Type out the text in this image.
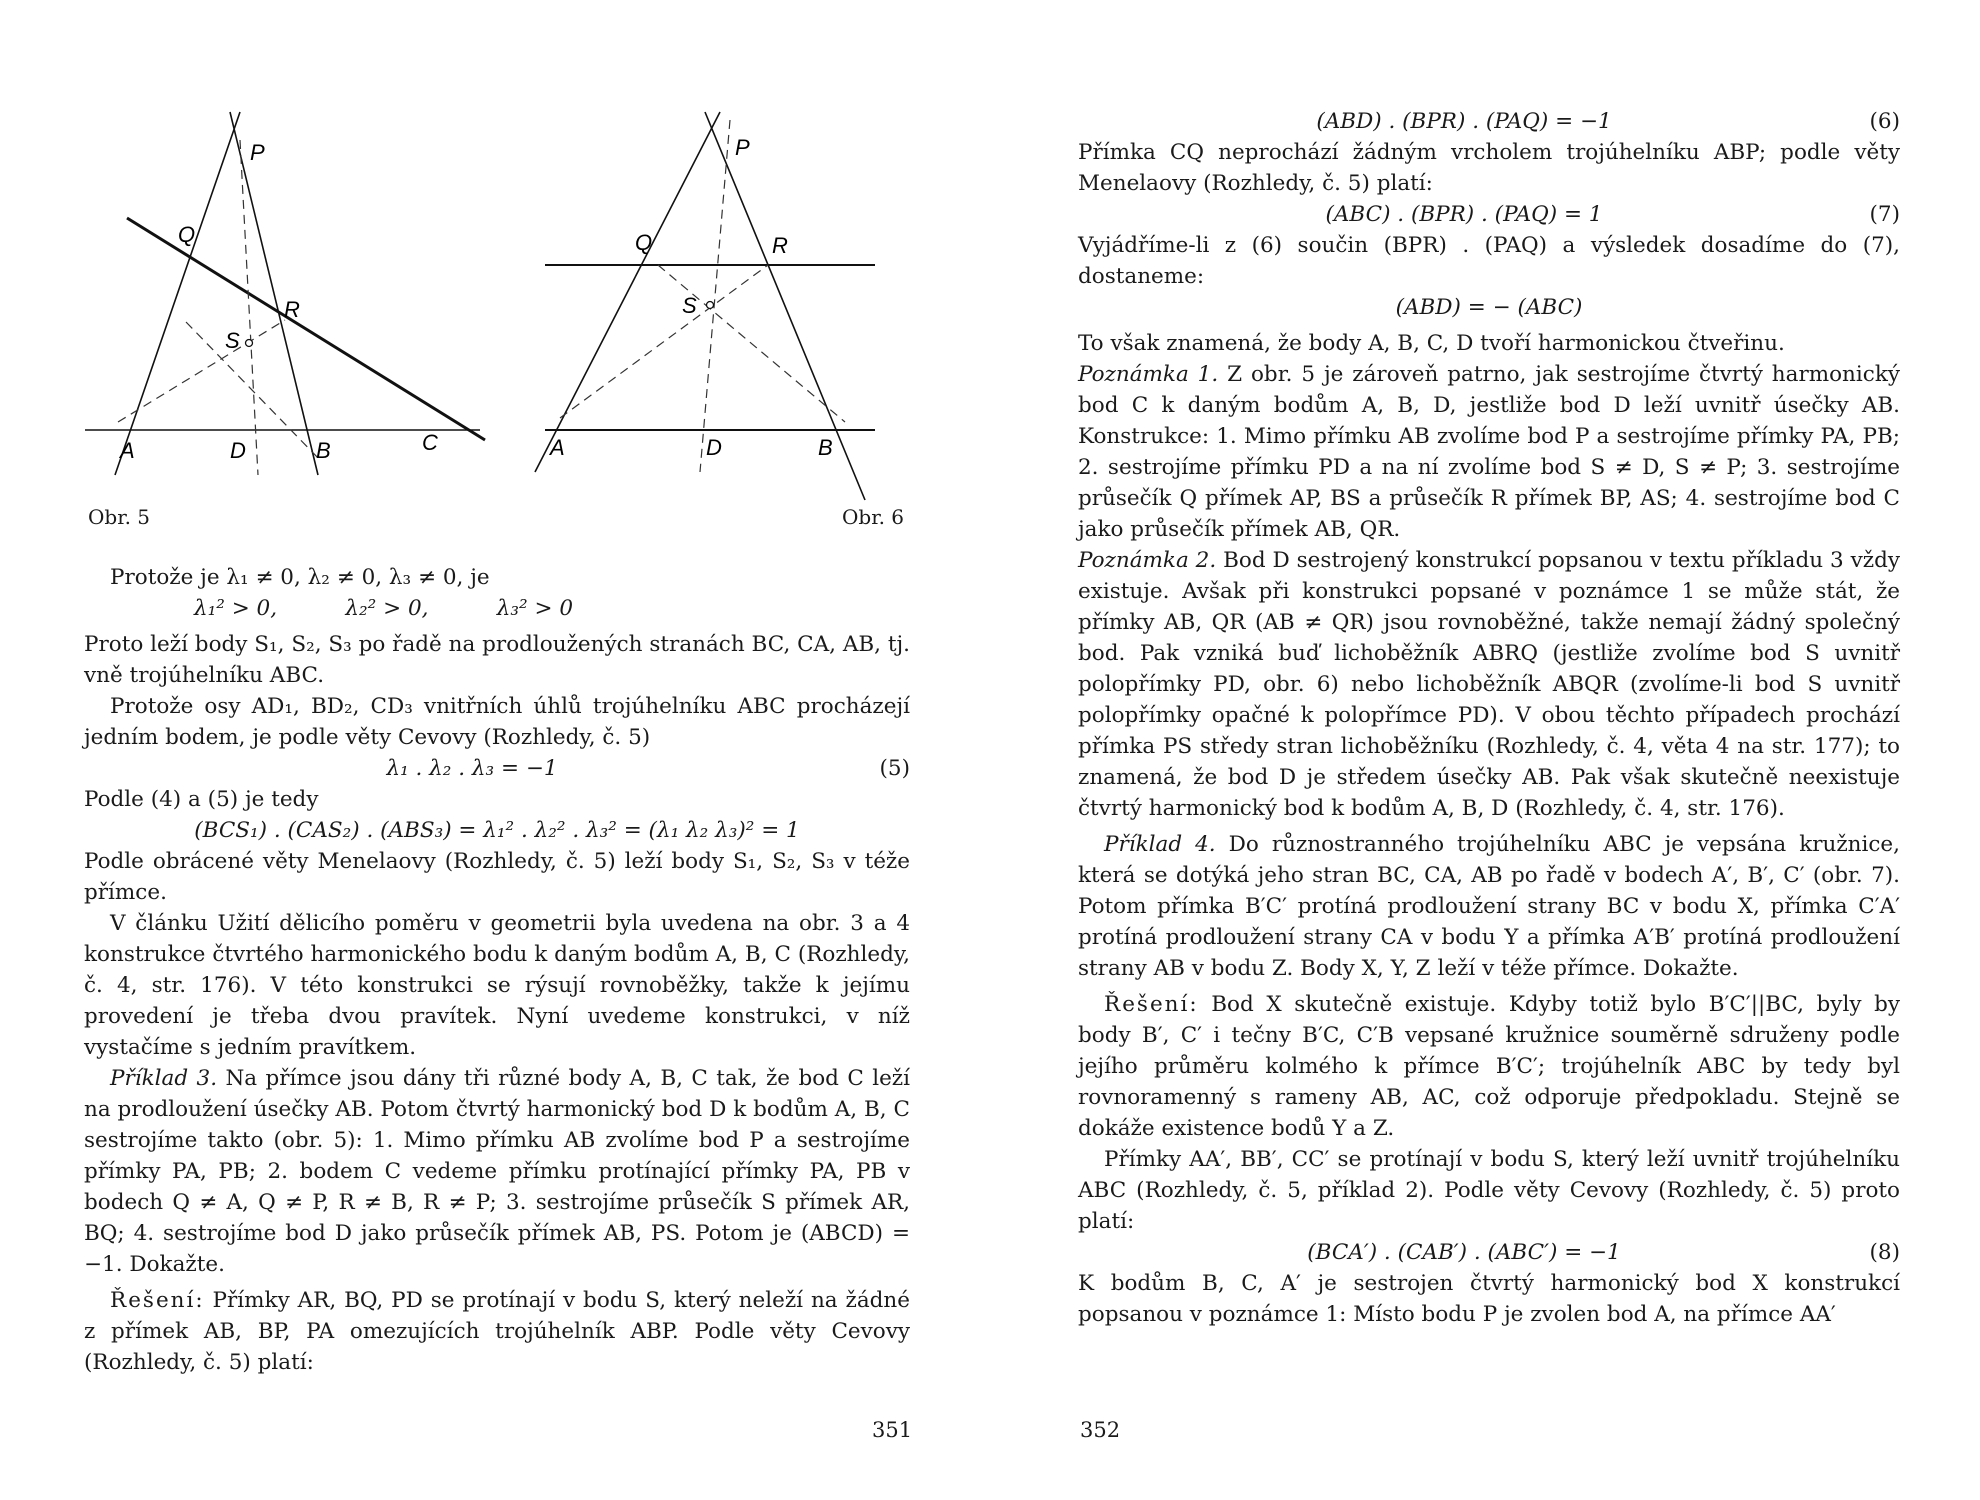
P
Q
R
S
A	D	B	C
Obr. 5
P
Q	R
S
A	D	B
Obr. 6

Protože je λ₁ ≠ 0, λ₂ ≠ 0, λ₃ ≠ 0, je

λ₁² > 0,          λ₂² > 0,          λ₃² > 0

Proto leží body S₁, S₂, S₃ po řadě na prodloužených stranách BC, CA, AB, tj. vně trojúhelníku ABC.

Protože osy AD₁, BD₂, CD₃ vnitřních úhlů trojúhelníku ABC procházejí jedním bodem, je podle věty Cevovy (Rozhledy, č. 5)

λ₁ . λ₂ . λ₃ = −1	(5)

Podle (4) a (5) je tedy

(BCS₁) . (CAS₂) . (ABS₃) = λ₁² . λ₂² . λ₃² = (λ₁ λ₂ λ₃)² = 1

Podle obrácené věty Menelaovy (Rozhledy, č. 5) leží body S₁, S₂, S₃ v téže přímce.

V článku Užití dělicího poměru v geometrii byla uvedena na obr. 3 a 4 konstrukce čtvrtého harmonického bodu k daným bodům A, B, C (Rozhledy, č. 4, str. 176). V této konstrukci se rýsují rovnoběžky, takže k jejímu provedení je třeba dvou pravítek. Nyní uvedeme konstrukci, v níž vystačíme s jedním pravítkem.

Příklad 3. Na přímce jsou dány tři různé body A, B, C tak, že bod C leží na prodloužení úsečky AB. Potom čtvrtý harmonický bod D k bodům A, B, C sestrojíme takto (obr. 5): 1. Mimo přímku AB zvolíme bod P a sestrojíme přímky PA, PB; 2. bodem C vedeme přímku protínající přímky PA, PB v bodech Q ≠ A, Q ≠ P, R ≠ B, R ≠ P; 3. sestrojíme průsečík S přímek AR, BQ; 4. sestrojíme bod D jako průsečík přímek AB, PS. Potom je (ABCD) = −1. Dokažte.

Řešení: Přímky AR, BQ, PD se protínají v bodu S, který neleží na žádné z přímek AB, BP, PA omezujících trojúhelník ABP. Podle věty Cevovy (Rozhledy, č. 5) platí:

351
(ABD) . (BPR) . (PAQ) = −1	(6)

Přímka CQ neprochází žádným vrcholem trojúhelníku ABP; podle věty Menelaovy (Rozhledy, č. 5) platí:

(ABC) . (BPR) . (PAQ) = 1	(7)

Vyjádříme-li z (6) součin (BPR) . (PAQ) a výsledek dosadíme do (7), dostaneme:

(ABD) = − (ABC)

To však znamená, že body A, B, C, D tvoří harmonickou čtveřinu.

Poznámka 1. Z obr. 5 je zároveň patrno, jak sestrojíme čtvrtý harmonický bod C k daným bodům A, B, D, jestliže bod D leží uvnitř úsečky AB. Konstrukce: 1. Mimo přímku AB zvolíme bod P a sestrojíme přímky PA, PB; 2. sestrojíme přímku PD a na ní zvolíme bod S ≠ D, S ≠ P; 3. sestrojíme průsečík Q přímek AP, BS a průsečík R přímek BP, AS; 4. sestrojíme bod C jako průsečík přímek AB, QR.

Poznámka 2. Bod D sestrojený konstrukcí popsanou v textu příkladu 3 vždy existuje. Avšak při konstrukci popsané v poznámce 1 se může stát, že přímky AB, QR (AB ≠ QR) jsou rovnoběžné, takže nemají žádný společný bod. Pak vzniká buď lichoběžník ABRQ (jestliže zvolíme bod S uvnitř polopřímky PD, obr. 6) nebo lichoběžník ABQR (zvolíme-li bod S uvnitř polopřímky opačné k polopřímce PD). V obou těchto případech prochází přímka PS středy stran lichoběžníku (Rozhledy, č. 4, věta 4 na str. 177); to znamená, že bod D je středem úsečky AB. Pak však skutečně neexistuje čtvrtý harmonický bod k bodům A, B, D (Rozhledy, č. 4, str. 176).

Příklad 4. Do různostranného trojúhelníku ABC je vepsána kružnice, která se dotýká jeho stran BC, CA, AB po řadě v bodech A′, B′, C′ (obr. 7). Potom přímka B′C′ protíná prodloužení strany BC v bodu X, přímka C′A′ protíná prodloužení strany CA v bodu Y a přímka A′B′ protíná prodloužení strany AB v bodu Z. Body X, Y, Z leží v téže přímce. Dokažte.

Řešení: Bod X skutečně existuje. Kdyby totiž bylo B′C′||BC, byly by body B′, C′ i tečny B′C, C′B vepsané kružnice souměrně sdruženy podle jejího průměru kolmého k přímce B′C′; trojúhelník ABC by tedy byl rovnoramenný s rameny AB, AC, což odporuje předpokladu. Stejně se dokáže existence bodů Y a Z.

Přímky AA′, BB′, CC′ se protínají v bodu S, který leží uvnitř trojúhelníku ABC (Rozhledy, č. 5, příklad 2). Podle věty Cevovy (Rozhledy, č. 5) proto platí:

(BCA′) . (CAB′) . (ABC′) = −1	(8)

K bodům B, C, A′ je sestrojen čtvrtý harmonický bod X konstrukcí popsanou v poznámce 1: Místo bodu P je zvolen bod A, na přímce AA′

352
